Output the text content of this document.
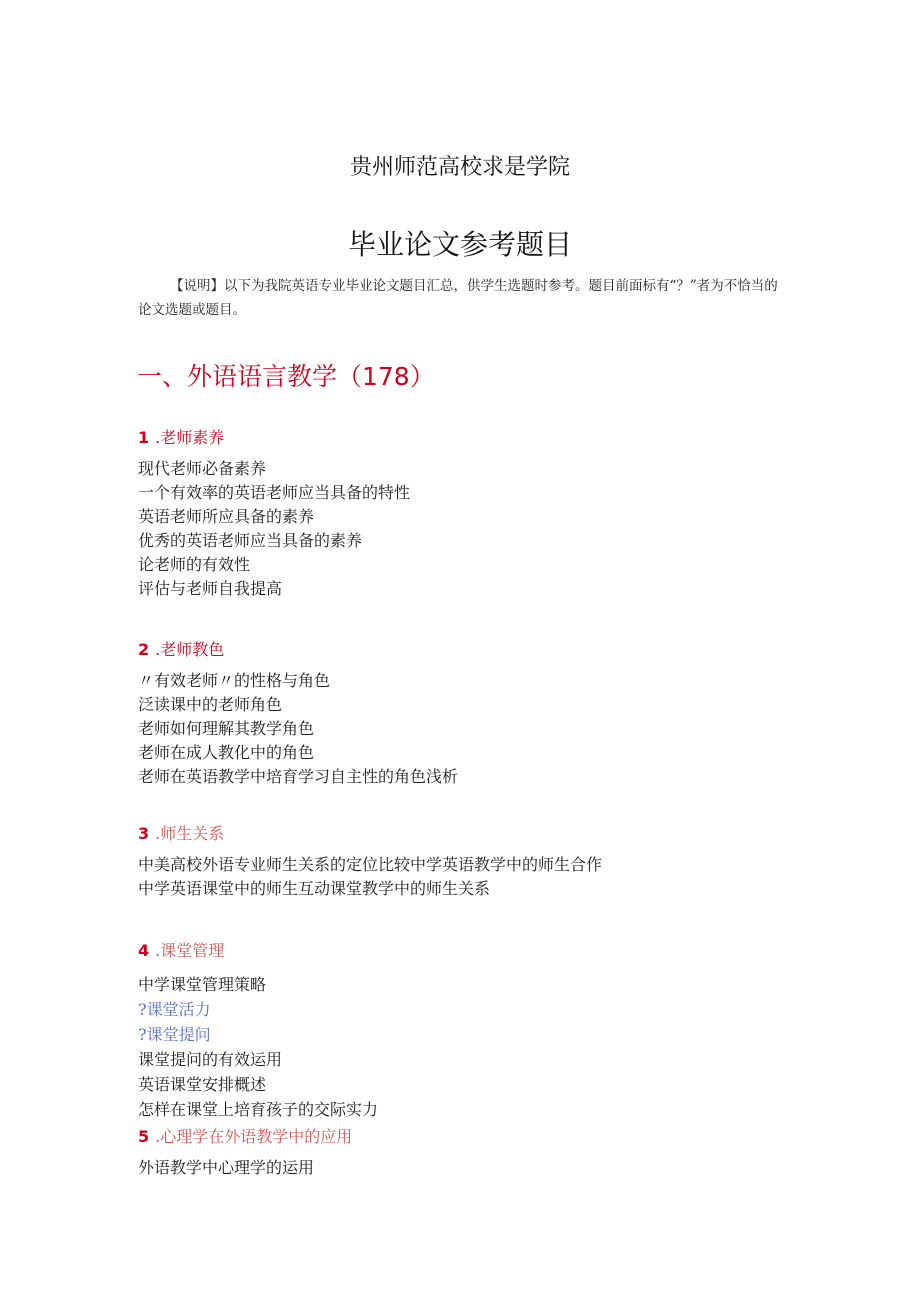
贵州师范高校求是学院
毕业论文参考题目
【说明】以下为我院英语专业毕业论文题目汇总，供学生选题时参考。题目前面标有“？”者为不恰当的论文选题或题目。
一、外语语言教学（178）
1 .老师素养
现代老师必备素养
一个有效率的英语老师应当具备的特性
英语老师所应具备的素养
优秀的英语老师应当具备的素养
论老师的有效性
评估与老师自我提高
2 .老师教色
〃有效老师〃的性格与角色
泛读课中的老师角色
老师如何理解其教学角色
老师在成人教化中的角色
老师在英语教学中培育学习自主性的角色浅析
3 .师生关系
中美高校外语专业师生关系的定位比较中学英语教学中的师生合作
中学英语课堂中的师生互动课堂教学中的师生关系
4 .课堂管理
中学课堂管理策略
?课堂活力
?课堂提问
课堂提问的有效运用
英语课堂安排概述
怎样在课堂上培育孩子的交际实力
5 .心理学在外语教学中的应用
外语教学中心理学的运用
